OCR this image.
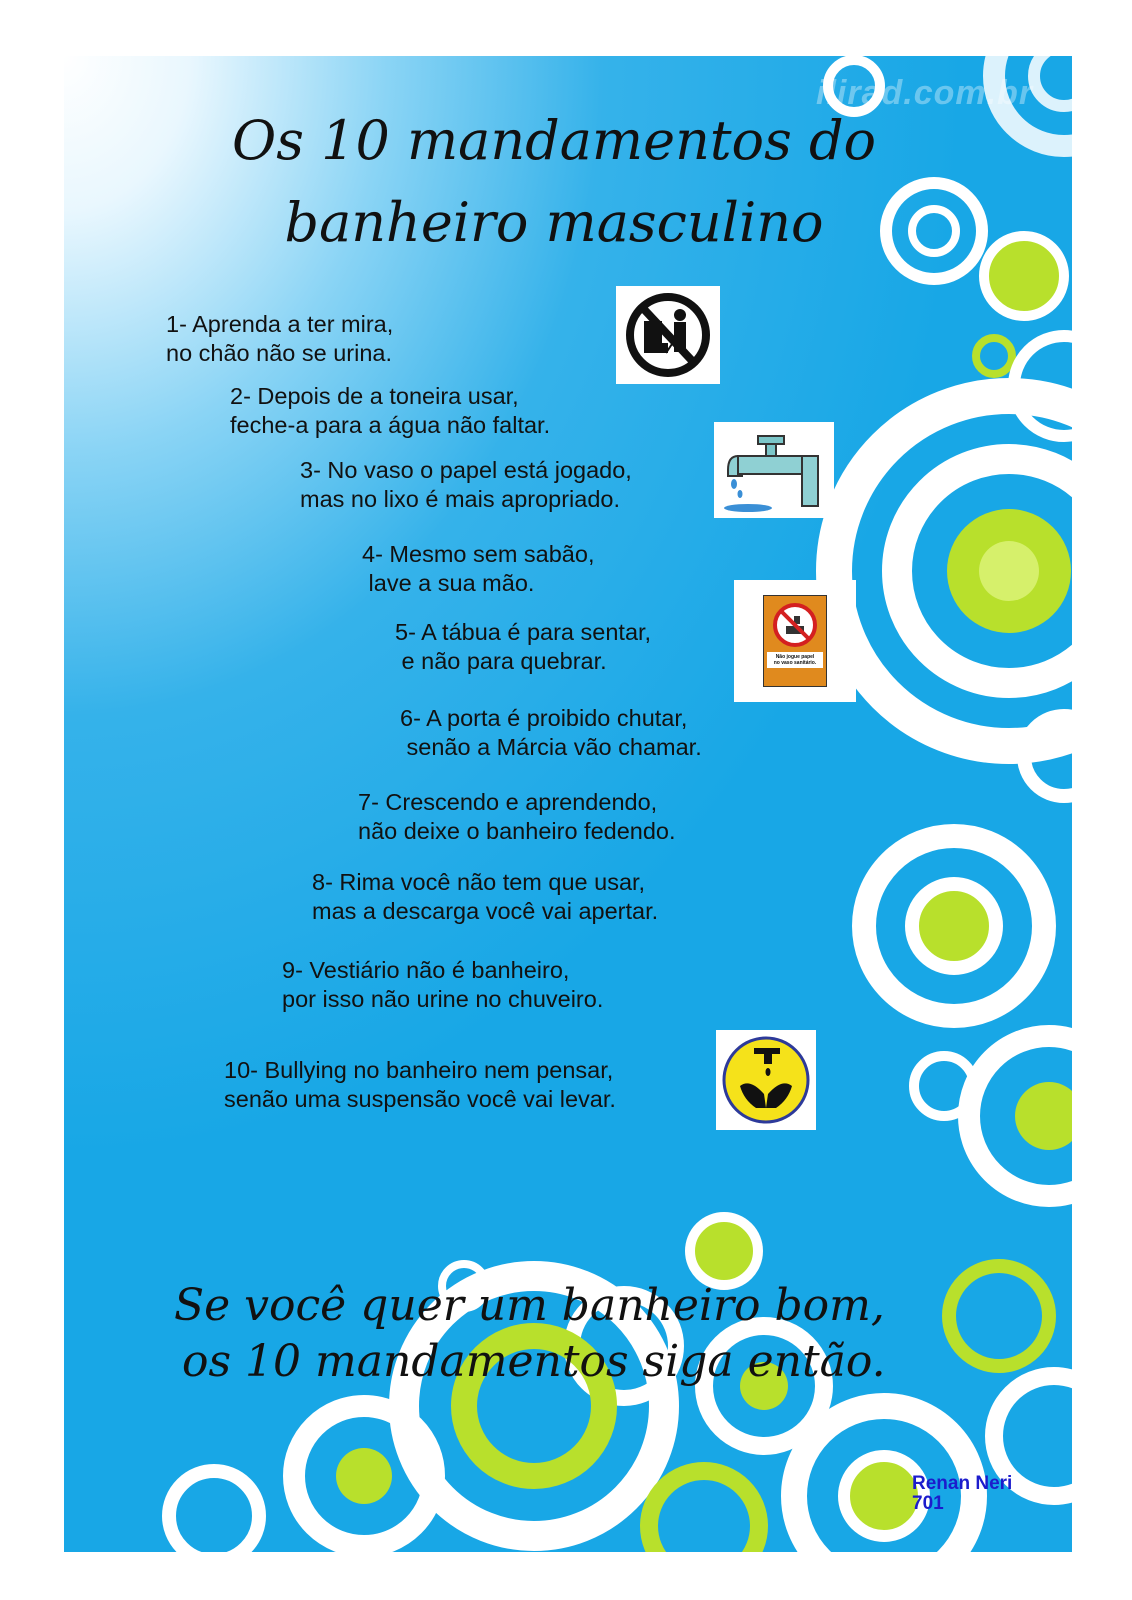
ilirad.com.br
Os 10 mandamentos do banheiro masculino

1- Aprenda a ter mira,
no chão não se urina.

2- Depois de a toneira usar,
feche-a para a água não faltar.

3- No vaso o papel está jogado,
mas no lixo é mais apropriado.

4- Mesmo sem sabão,
lave a sua mão.

5- A tábua é para sentar,
e não para quebrar.

6- A porta é proibido chutar,
senão a Márcia vão chamar.

7- Crescendo e aprendendo,
não deixe o banheiro fedendo.

8- Rima você não tem que usar,
mas a descarga você vai apertar.

9- Vestiário não é banheiro,
por isso não urine no chuveiro.

10- Bullying no banheiro nem pensar,
senão uma suspensão você vai levar.

Não jogue papel
no vaso sanitário.

Se você quer um banheiro bom,
os 10 mandamentos siga então.

Renan Neri
701
